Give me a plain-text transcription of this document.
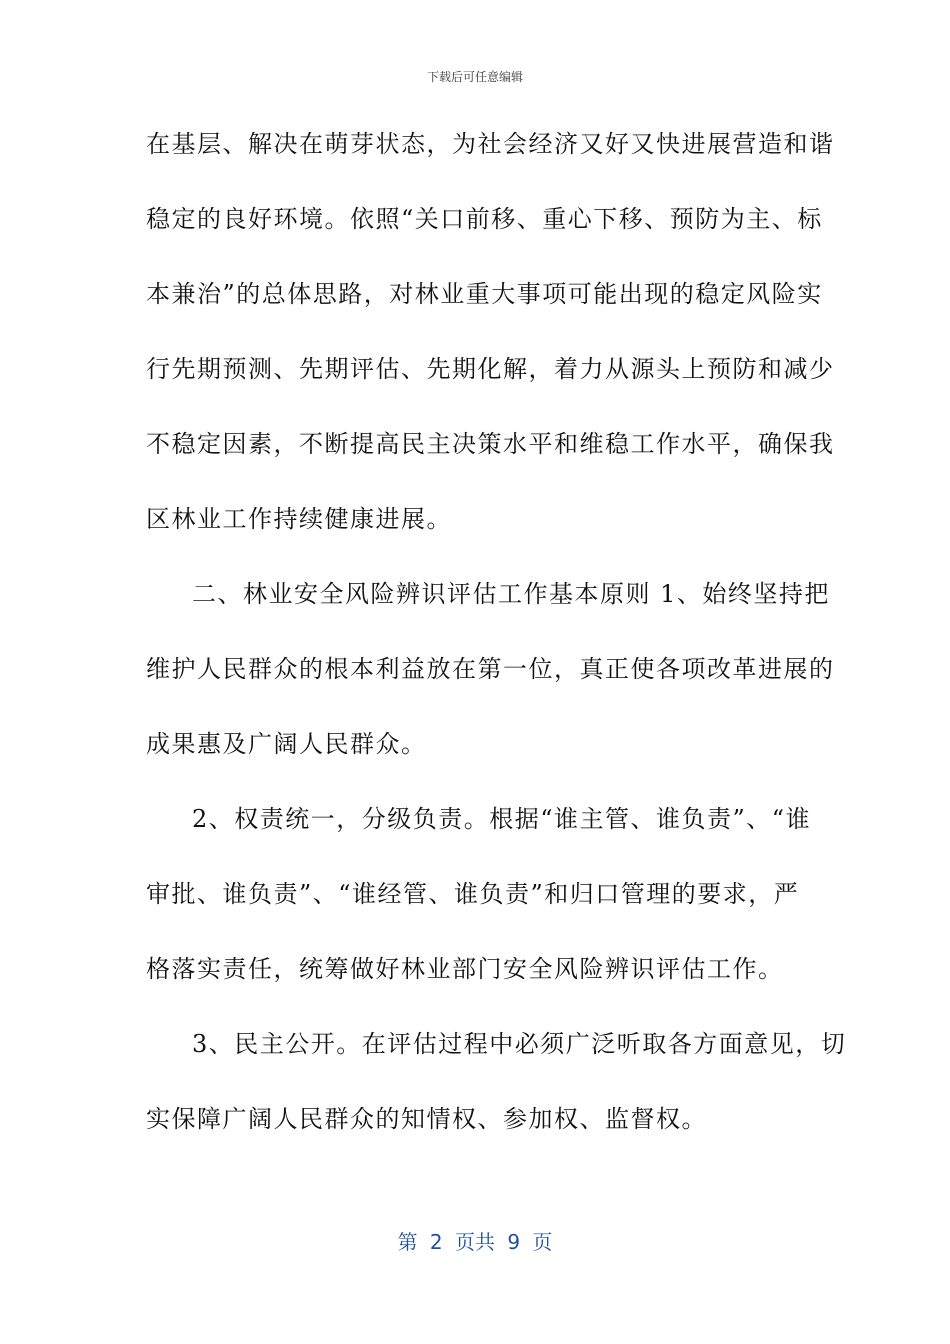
下载后可任意编辑
在基层、解决在萌芽状态，为社会经济又好又快进展营造和谐
稳定的良好环境。依照“关口前移、重心下移、预防为主、标
本兼治”的总体思路，对林业重大事项可能出现的稳定风险实
行先期预测、先期评估、先期化解，着力从源头上预防和减少
不稳定因素，不断提高民主决策水平和维稳工作水平，确保我
区林业工作持续健康进展。
二、林业安全风险辨识评估工作基本原则 1、始终坚持把
维护人民群众的根本利益放在第一位，真正使各项改革进展的
成果惠及广阔人民群众。
2、权责统一，分级负责。根据“谁主管、谁负责”、“谁
审批、谁负责”、“谁经管、谁负责”和归口管理的要求，严
格落实责任，统筹做好林业部门安全风险辨识评估工作。
3、民主公开。在评估过程中必须广泛听取各方面意见，切
实保障广阔人民群众的知情权、参加权、监督权。
第 2 页共 9 页
